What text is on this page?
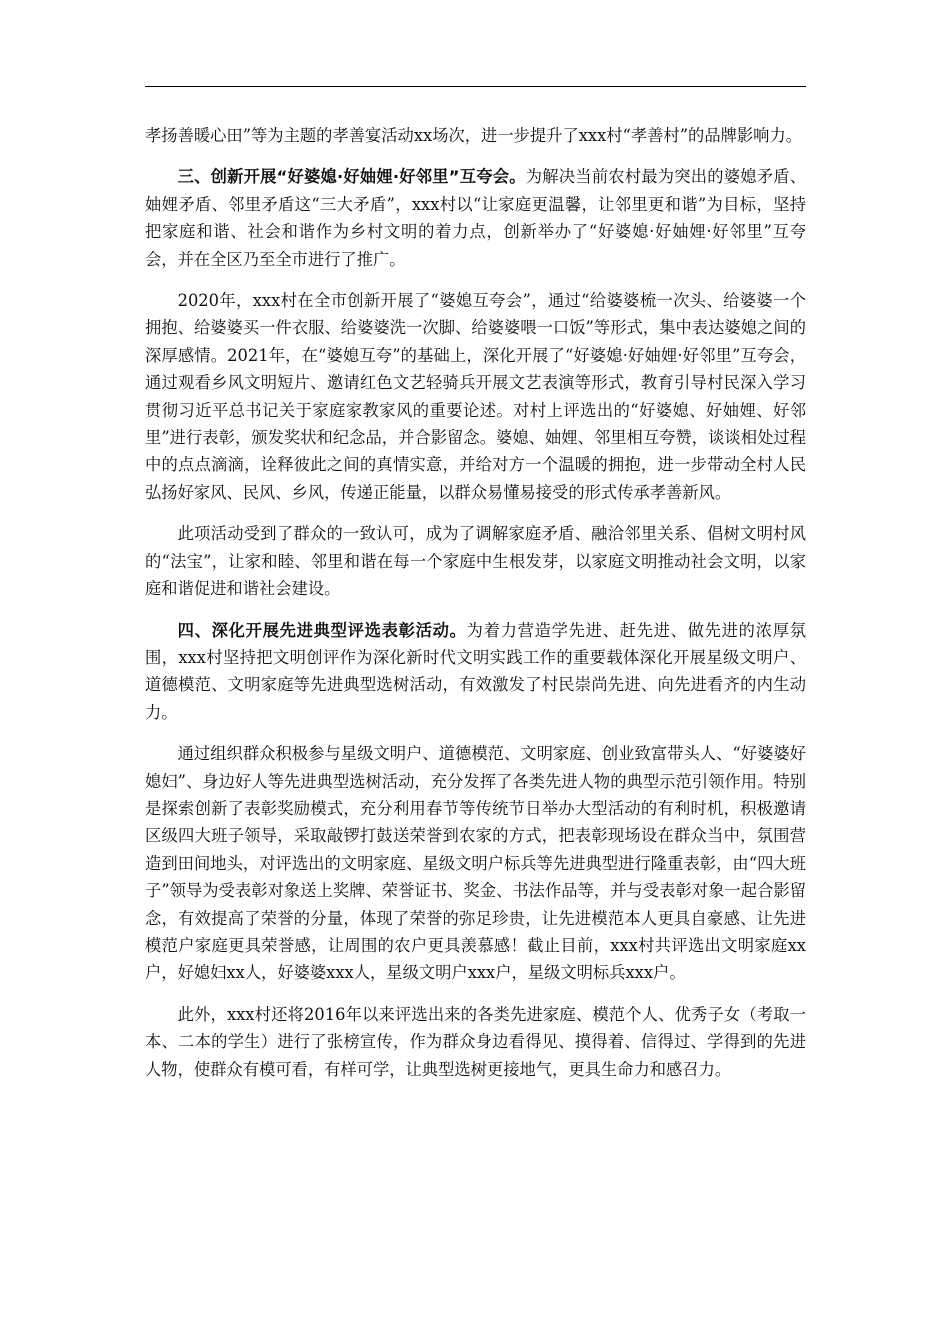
孝扬善暖心田”等为主题的孝善宴活动xx场次，进一步提升了xxx村“孝善村”的品牌影响力。

三、创新开展“好婆媳·好妯娌·好邻里”互夸会。为解决当前农村最为突出的婆媳矛盾、妯娌矛盾、邻里矛盾这“三大矛盾”，xxx村以“让家庭更温馨，让邻里更和谐”为目标，坚持把家庭和谐、社会和谐作为乡村文明的着力点，创新举办了“好婆媳·好妯娌·好邻里”互夸会，并在全区乃至全市进行了推广。

2020年，xxx村在全市创新开展了“婆媳互夸会”，通过“给婆婆梳一次头、给婆婆一个拥抱、给婆婆买一件衣服、给婆婆洗一次脚、给婆婆喂一口饭”等形式，集中表达婆媳之间的深厚感情。2021年，在“婆媳互夸”的基础上，深化开展了“好婆媳·好妯娌·好邻里”互夸会，通过观看乡风文明短片、邀请红色文艺轻骑兵开展文艺表演等形式，教育引导村民深入学习贯彻习近平总书记关于家庭家教家风的重要论述。对村上评选出的“好婆媳、好妯娌、好邻里”进行表彰，颁发奖状和纪念品，并合影留念。婆媳、妯娌、邻里相互夸赞，谈谈相处过程中的点点滴滴，诠释彼此之间的真情实意，并给对方一个温暖的拥抱，进一步带动全村人民弘扬好家风、民风、乡风，传递正能量，以群众易懂易接受的形式传承孝善新风。

此项活动受到了群众的一致认可，成为了调解家庭矛盾、融洽邻里关系、倡树文明村风的“法宝”，让家和睦、邻里和谐在每一个家庭中生根发芽，以家庭文明推动社会文明，以家庭和谐促进和谐社会建设。

四、深化开展先进典型评选表彰活动。为着力营造学先进、赶先进、做先进的浓厚氛围，xxx村坚持把文明创评作为深化新时代文明实践工作的重要载体深化开展星级文明户、道德模范、文明家庭等先进典型选树活动，有效激发了村民崇尚先进、向先进看齐的内生动力。

通过组织群众积极参与星级文明户、道德模范、文明家庭、创业致富带头人、“好婆婆好媳妇”、身边好人等先进典型选树活动，充分发挥了各类先进人物的典型示范引领作用。特别是探索创新了表彰奖励模式，充分利用春节等传统节日举办大型活动的有利时机，积极邀请区级四大班子领导，采取敲锣打鼓送荣誉到农家的方式，把表彰现场设在群众当中，氛围营造到田间地头，对评选出的文明家庭、星级文明户标兵等先进典型进行隆重表彰，由“四大班子”领导为受表彰对象送上奖牌、荣誉证书、奖金、书法作品等，并与受表彰对象一起合影留念，有效提高了荣誉的分量，体现了荣誉的弥足珍贵，让先进模范本人更具自豪感、让先进模范户家庭更具荣誉感，让周围的农户更具羡慕感！截止目前，xxx村共评选出文明家庭xx户，好媳妇xx人，好婆婆xxx人，星级文明户xxx户，星级文明标兵xxx户。

此外，xxx村还将2016年以来评选出来的各类先进家庭、模范个人、优秀子女（考取一本、二本的学生）进行了张榜宣传，作为群众身边看得见、摸得着、信得过、学得到的先进人物，使群众有模可看，有样可学，让典型选树更接地气，更具生命力和感召力。
